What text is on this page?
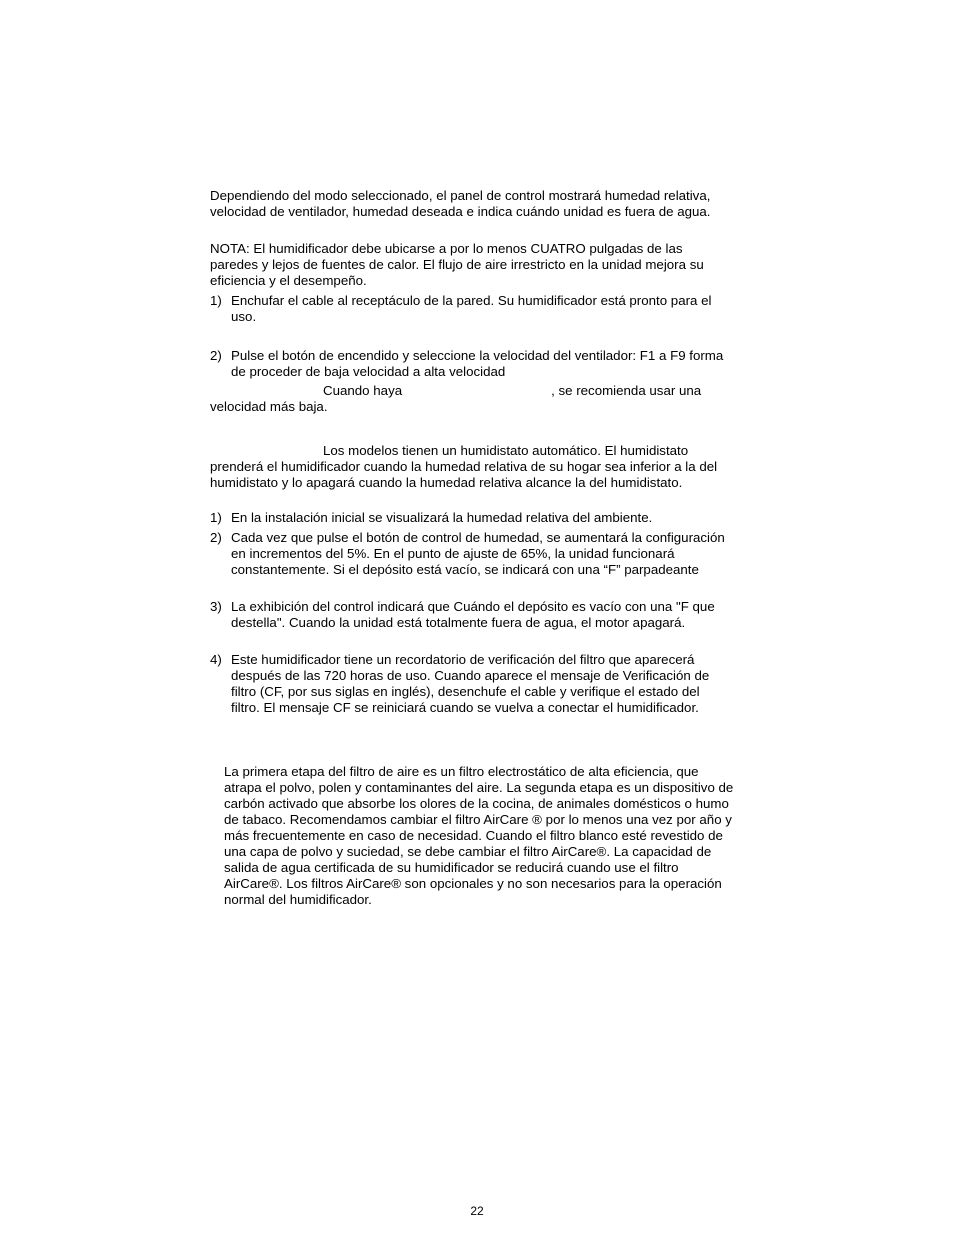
Dependiendo del modo seleccionado, el panel de control mostrará humedad relativa, velocidad de ventilador, humedad deseada e indica cuándo unidad es fuera de agua.

NOTA: El humidificador debe ubicarse a por lo menos CUATRO pulgadas de las paredes y lejos de fuentes de calor. El flujo de aire irrestricto en la unidad mejora su eficiencia y el desempeño.

1) Enchufar el cable al receptáculo de la pared. Su humidificador está pronto para el uso.
2) Pulse el botón de encendido y seleccione la velocidad del ventilador: F1 a F9 forma de proceder de baja velocidad a alta velocidad
Cuando haya	, se recomienda usar una
velocidad más baja.
Los modelos tienen un humidistato automático. El humidistato prenderá el humidificador cuando la humedad relativa de su hogar sea inferior a la del humidistato y lo apagará cuando la humedad relativa alcance la del humidistato.
1) En la instalación inicial se visualizará la humedad relativa del ambiente.
2) Cada vez que pulse el botón de control de humedad, se aumentará la configuración en incrementos del 5%. En el punto de ajuste de 65%, la unidad funcionará constantemente. Si el depósito está vacío, se indicará con una “F” parpadeante
3) La exhibición del control indicará que Cuándo el depósito es vacío con una "F que destella". Cuando la unidad está totalmente fuera de agua, el motor apagará.
4) Este humidificador tiene un recordatorio de verificación del filtro que aparecerá después de las 720 horas de uso. Cuando aparece el mensaje de Verificación de filtro (CF, por sus siglas en inglés), desenchufe el cable y verifique el estado del filtro. El mensaje CF se reiniciará cuando se vuelva a conectar el humidificador.

La primera etapa del filtro de aire es un filtro electrostático de alta eficiencia, que atrapa el polvo, polen y contaminantes del aire. La segunda etapa es un dispositivo de carbón activado que absorbe los olores de la cocina, de animales domésticos o humo de tabaco. Recomendamos cambiar el filtro AirCare ® por lo menos una vez por año y más frecuentemente en caso de necesidad. Cuando el filtro blanco esté revestido de una capa de polvo y suciedad, se debe cambiar el filtro AirCare®. La capacidad de salida de agua certificada de su humidificador se reducirá cuando use el filtro AirCare®. Los filtros AirCare® son opcionales y no son necesarios para la operación normal del humidificador.

22
